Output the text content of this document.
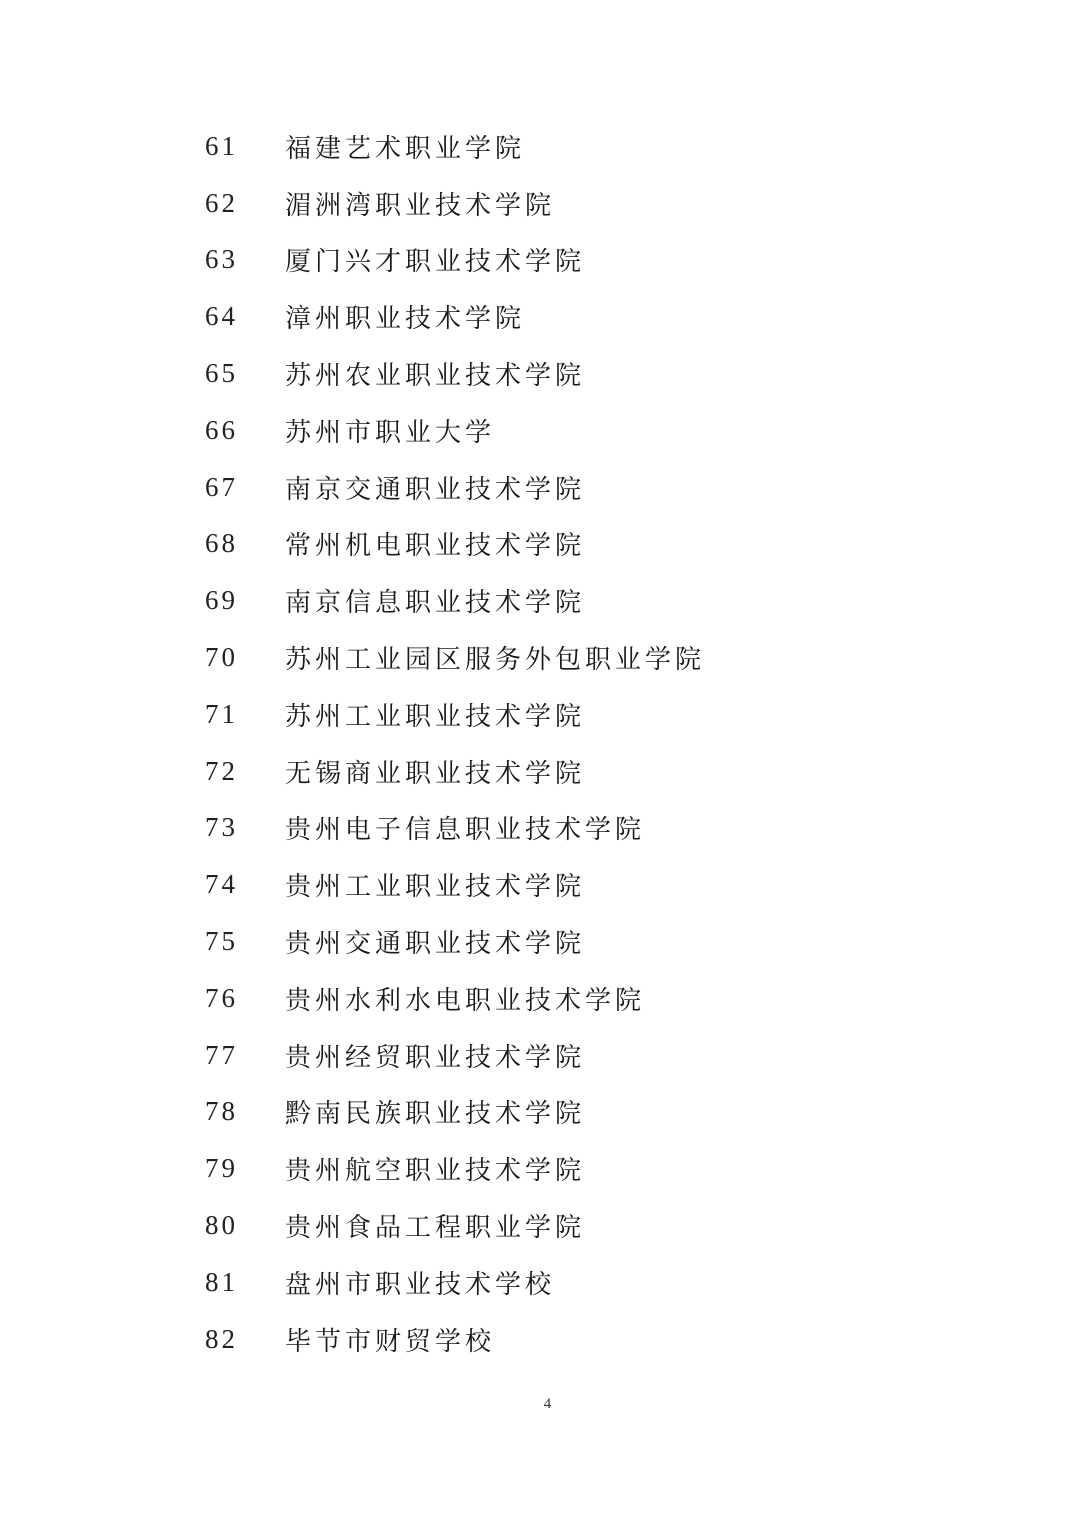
61	福建艺术职业学院
62	湄洲湾职业技术学院
63	厦门兴才职业技术学院
64	漳州职业技术学院
65	苏州农业职业技术学院
66	苏州市职业大学
67	南京交通职业技术学院
68	常州机电职业技术学院
69	南京信息职业技术学院
70	苏州工业园区服务外包职业学院
71	苏州工业职业技术学院
72	无锡商业职业技术学院
73	贵州电子信息职业技术学院
74	贵州工业职业技术学院
75	贵州交通职业技术学院
76	贵州水利水电职业技术学院
77	贵州经贸职业技术学院
78	黔南民族职业技术学院
79	贵州航空职业技术学院
80	贵州食品工程职业学院
81	盘州市职业技术学校
82	毕节市财贸学校
4
